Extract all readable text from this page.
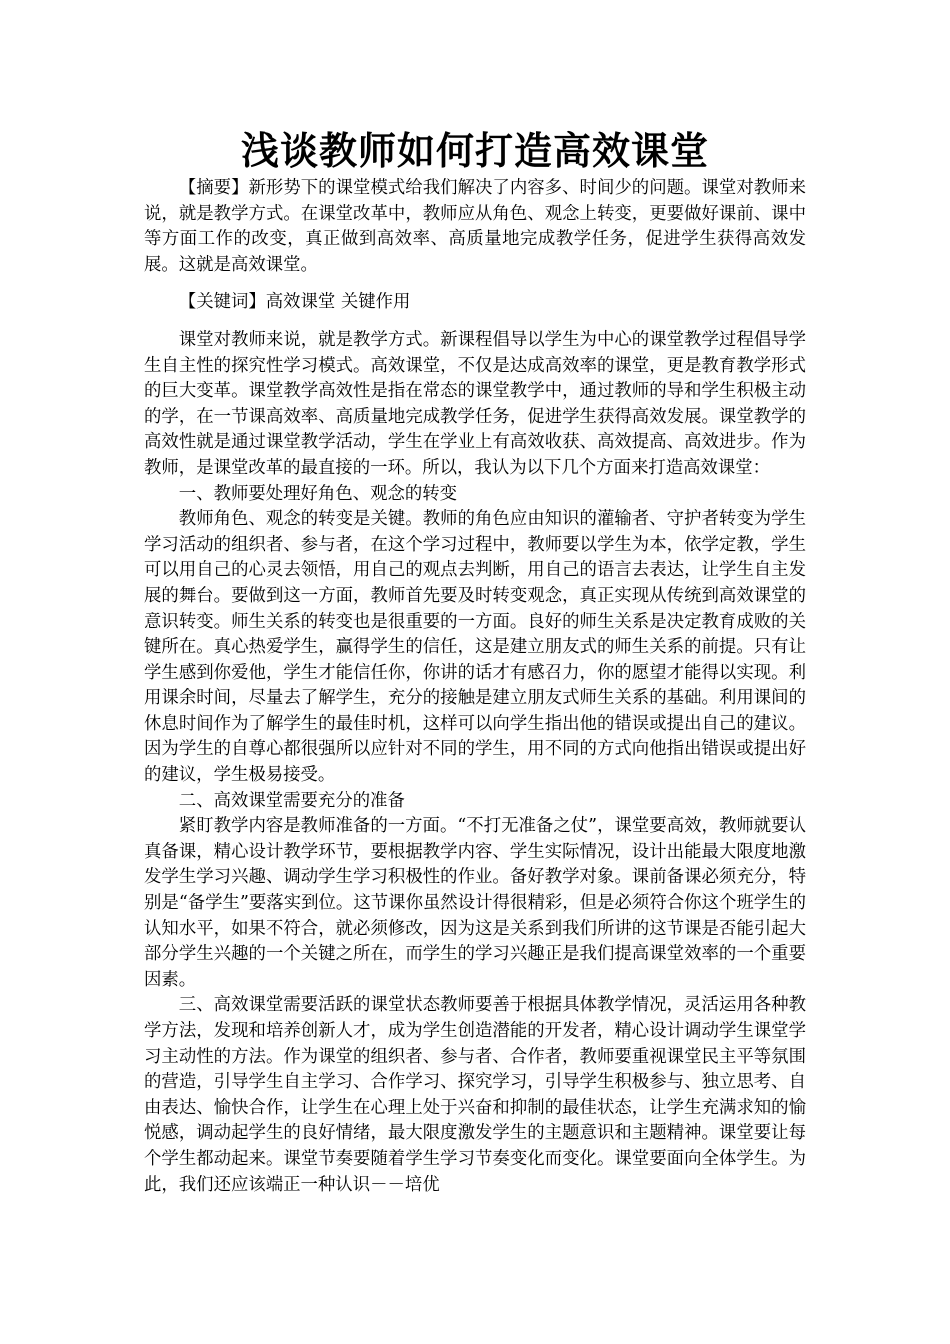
浅谈教师如何打造高效课堂

【摘要】新形势下的课堂模式给我们解决了内容多、时间少的问题。课堂对教师来说，就是教学方式。在课堂改革中，教师应从角色、观念上转变，更要做好课前、课中等方面工作的改变，真正做到高效率、高质量地完成教学任务，促进学生获得高效发展。这就是高效课堂。

【关键词】高效课堂 关键作用

课堂对教师来说，就是教学方式。新课程倡导以学生为中心的课堂教学过程倡导学生自主性的探究性学习模式。高效课堂，不仅是达成高效率的课堂，更是教育教学形式的巨大变革。课堂教学高效性是指在常态的课堂教学中，通过教师的导和学生积极主动的学，在一节课高效率、高质量地完成教学任务，促进学生获得高效发展。课堂教学的高效性就是通过课堂教学活动，学生在学业上有高效收获、高效提高、高效进步。作为教师，是课堂改革的最直接的一环。所以，我认为以下几个方面来打造高效课堂：

一、教师要处理好角色、观念的转变

教师角色、观念的转变是关键。教师的角色应由知识的灌输者、守护者转变为学生学习活动的组织者、参与者，在这个学习过程中，教师要以学生为本，依学定教，学生可以用自己的心灵去领悟，用自己的观点去判断，用自己的语言去表达，让学生自主发展的舞台。要做到这一方面，教师首先要及时转变观念，真正实现从传统到高效课堂的意识转变。师生关系的转变也是很重要的一方面。良好的师生关系是决定教育成败的关键所在。真心热爱学生，赢得学生的信任，这是建立朋友式的师生关系的前提。只有让学生感到你爱他，学生才能信任你，你讲的话才有感召力，你的愿望才能得以实现。利用课余时间，尽量去了解学生，充分的接触是建立朋友式师生关系的基础。利用课间的休息时间作为了解学生的最佳时机，这样可以向学生指出他的错误或提出自己的建议。因为学生的自尊心都很强所以应针对不同的学生，用不同的方式向他指出错误或提出好的建议，学生极易接受。

二、高效课堂需要充分的准备

紧盯教学内容是教师准备的一方面。“不打无准备之仗”，课堂要高效，教师就要认真备课，精心设计教学环节，要根据教学内容、学生实际情况，设计出能最大限度地激发学生学习兴趣、调动学生学习积极性的作业。备好教学对象。课前备课必须充分，特别是“备学生”要落实到位。这节课你虽然设计得很精彩，但是必须符合你这个班学生的认知水平，如果不符合，就必须修改，因为这是关系到我们所讲的这节课是否能引起大部分学生兴趣的一个关键之所在，而学生的学习兴趣正是我们提高课堂效率的一个重要因素。

三、高效课堂需要活跃的课堂状态教师要善于根据具体教学情况，灵活运用各种教学方法，发现和培养创新人才，成为学生创造潜能的开发者，精心设计调动学生课堂学习主动性的方法。作为课堂的组织者、参与者、合作者，教师要重视课堂民主平等氛围的营造，引导学生自主学习、合作学习、探究学习，引导学生积极参与、独立思考、自由表达、愉快合作，让学生在心理上处于兴奋和抑制的最佳状态，让学生充满求知的愉悦感，调动起学生的良好情绪，最大限度激发学生的主题意识和主题精神。课堂要让每个学生都动起来。课堂节奏要随着学生学习节奏变化而变化。课堂要面向全体学生。为此，我们还应该端正一种认识－－培优
